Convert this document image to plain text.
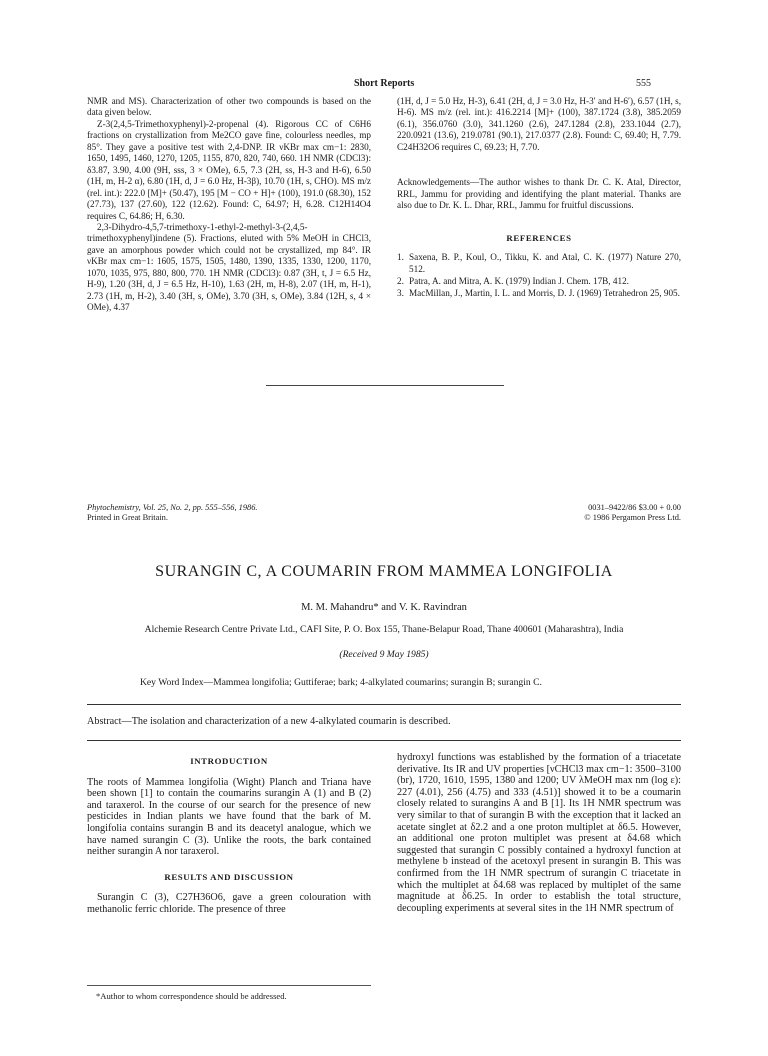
Short Reports	555

NMR and MS). Characterization of other two compounds is based on the data given below.

Z-3(2,4,5-Trimethoxyphenyl)-2-propenal (4). Rigorous CC of C6H6 fractions on crystallization from Me2CO gave fine, colourless needles, mp 85°. They gave a positive test with 2,4-DNP. IR νKBr max cm−1: 2830, 1650, 1495, 1460, 1270, 1205, 1155, 870, 820, 740, 660. 1H NMR (CDCl3): δ3.87, 3.90, 4.00 (9H, sss, 3 × OMe), 6.5, 7.3 (2H, ss, H-3 and H-6), 6.50 (1H, m, H-2 α), 6.80 (1H, d, J = 6.0 Hz, H-3β), 10.70 (1H, s, CHO). MS m/z (rel. int.): 222.0 [M]+ (50.47), 195 [M − CO + H]+ (100), 191.0 (68.30), 152 (27.73), 137 (27.60), 122 (12.62). Found: C, 64.97; H, 6.28. C12H14O4 requires C, 64.86; H, 6.30.

2,3-Dihydro-4,5,7-trimethoxy-1-ethyl-2-methyl-3-(2,4,5-trimethoxyphenyl)indene (5). Fractions, eluted with 5% MeOH in CHCl3, gave an amorphous powder which could not be crystallized, mp 84°. IR νKBr max cm−1: 1605, 1575, 1505, 1480, 1390, 1335, 1330, 1200, 1170, 1070, 1035, 975, 880, 800, 770. 1H NMR (CDCl3): 0.87 (3H, t, J = 6.5 Hz, H-9), 1.20 (3H, d, J = 6.5 Hz, H-10), 1.63 (2H, m, H-8), 2.07 (1H, m, H-1), 2.73 (1H, m, H-2), 3.40 (3H, s, OMe), 3.70 (3H, s, OMe), 3.84 (12H, s, 4 × OMe), 4.37

(1H, d, J = 5.0 Hz, H-3), 6.41 (2H, d, J = 3.0 Hz, H-3′ and H-6′), 6.57 (1H, s, H-6). MS m/z (rel. int.): 416.2214 [M]+ (100), 387.1724 (3.8), 385.2059 (6.1), 356.0760 (3.0), 341.1260 (2.6), 247.1284 (2.8), 233.1044 (2.7), 220.0921 (13.6), 219.0781 (90.1), 217.0377 (2.8). Found: C, 69.40; H, 7.79. C24H32O6 requires C, 69.23; H, 7.70.

Acknowledgements—The author wishes to thank Dr. C. K. Atal, Director, RRL, Jammu for providing and identifying the plant material. Thanks are also due to Dr. K. L. Dhar, RRL, Jammu for fruitful discussions.

REFERENCES
1. Saxena, B. P., Koul, O., Tikku, K. and Atal, C. K. (1977) Nature 270, 512.
2. Patra, A. and Mitra, A. K. (1979) Indian J. Chem. 17B, 412.
3. MacMillan, J., Martin, I. L. and Morris, D. J. (1969) Tetrahedron 25, 905.
Phytochemistry, Vol. 25, No. 2, pp. 555–556, 1986.
Printed in Great Britain.
0031–9422/86 $3.00 + 0.00
© 1986 Pergamon Press Ltd.
SURANGIN C, A COUMARIN FROM MAMMEA LONGIFOLIA
M. M. Mahandru* and V. K. Ravindran
Alchemie Research Centre Private Ltd., CAFI Site, P. O. Box 155, Thane-Belapur Road, Thane 400601 (Maharashtra), India
(Received 9 May 1985)
Key Word Index—Mammea longifolia; Guttiferae; bark; 4-alkylated coumarins; surangin B; surangin C.
Abstract—The isolation and characterization of a new 4-alkylated coumarin is described.
INTRODUCTION

The roots of Mammea longifolia (Wight) Planch and Triana have been shown [1] to contain the coumarins surangin A (1) and B (2) and taraxerol. In the course of our search for the presence of new pesticides in Indian plants we have found that the bark of M. longifolia contains surangin B and its deacetyl analogue, which we have named surangin C (3). Unlike the roots, the bark contained neither surangin A nor taraxerol.

RESULTS AND DISCUSSION

Surangin C (3), C27H36O6, gave a green colouration with methanolic ferric chloride. The presence of three

hydroxyl functions was established by the formation of a triacetate derivative. Its IR and UV properties [νCHCl3 max cm−1: 3500–3100 (br), 1720, 1610, 1595, 1380 and 1200; UV λMeOH max nm (log ε): 227 (4.01), 256 (4.75) and 333 (4.51)] showed it to be a coumarin closely related to surangins A and B [1]. Its 1H NMR spectrum was very similar to that of surangin B with the exception that it lacked an acetate singlet at δ2.2 and a one proton multiplet at δ6.5. However, an additional one proton multiplet was present at δ4.68 which suggested that surangin C possibly contained a hydroxyl function at methylene b instead of the acetoxyl present in surangin B. This was confirmed from the 1H NMR spectrum of surangin C triacetate in which the multiplet at δ4.68 was replaced by multiplet of the same magnitude at δ6.25. In order to establish the total structure, decoupling experiments at several sites in the 1H NMR spectrum of

*Author to whom correspondence should be addressed.
